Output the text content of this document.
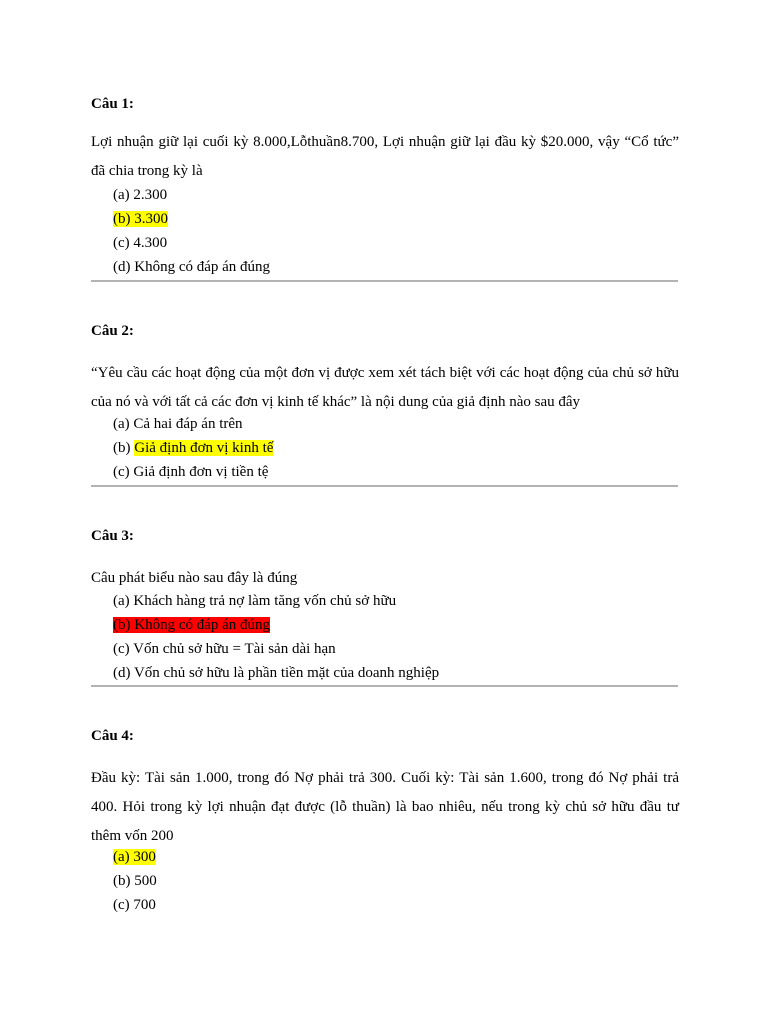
Câu 1:

Lợi nhuận giữ lại cuối kỳ 8.000,Lỗthuần8.700, Lợi nhuận giữ lại đầu kỳ $20.000, vậy “Cổ tức” đã chia trong kỳ là

(a) 2.300
(b) 3.300
(c) 4.300
(d) Không có đáp án đúng

Câu 2:

“Yêu cầu các hoạt động của một đơn vị được xem xét tách biệt với các hoạt động của chủ sở hữu của nó và với tất cả các đơn vị kinh tế khác” là nội dung của giả định nào sau đây

(a) Cả hai đáp án trên
(b) Giả định đơn vị kinh tế
(c) Giả định đơn vị tiền tệ

Câu 3:

Câu phát biểu nào sau đây là đúng

(a) Khách hàng trả nợ làm tăng vốn chủ sở hữu
(b) Không có đáp án đúng
(c) Vốn chủ sở hữu = Tài sản dài hạn
(d) Vốn chủ sở hữu là phần tiền mặt của doanh nghiệp

Câu 4:

Đầu kỳ: Tài sản 1.000, trong đó Nợ phải trả 300. Cuối kỳ: Tài sản 1.600, trong đó Nợ phải trả 400. Hỏi trong kỳ lợi nhuận đạt được (lỗ thuần) là bao nhiêu, nếu trong kỳ chủ sở hữu đầu tư thêm vốn 200

(a) 300
(b) 500
(c) 700
